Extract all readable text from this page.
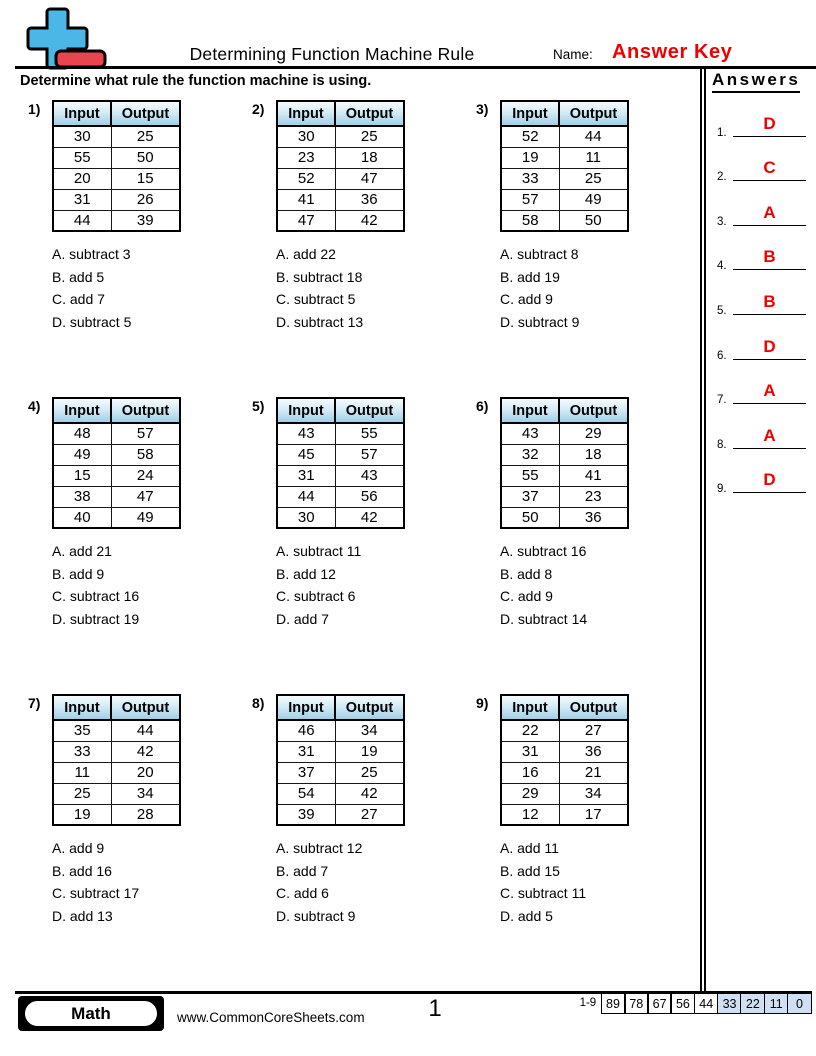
Determining Function Machine Rule	Name: Answer Key
Determine what rule the function machine is using.	Answers
1.	D
2.	C
3.	A
4.	B
5.	B
6.	D
7.	A
8.	A
9.	D
1)	Input	Output
30	25
55	50
20	15
31	26
44	39
A. subtract 3
B. add 5
C. add 7
D. subtract 5
2)	Input	Output
30	25
23	18
52	47
41	36
47	42
A. add 22
B. subtract 18
C. subtract 5
D. subtract 13
3)	Input	Output
52	44
19	11
33	25
57	49
58	50
A. subtract 8
B. add 19
C. add 9
D. subtract 9
4)	Input	Output
48	57
49	58
15	24
38	47
40	49
A. add 21
B. add 9
C. subtract 16
D. subtract 19
5)	Input	Output
43	55
45	57
31	43
44	56
30	42
A. subtract 11
B. add 12
C. subtract 6
D. add 7
6)	Input	Output
43	29
32	18
55	41
37	23
50	36
A. subtract 16
B. add 8
C. add 9
D. subtract 14
7)	Input	Output
35	44
33	42
11	20
25	34
19	28
A. add 9
B. add 16
C. subtract 17
D. add 13
8)	Input	Output
46	34
31	19
37	25
54	42
39	27
A. subtract 12
B. add 7
C. add 6
D. subtract 9
9)	Input	Output
22	27
31	36
16	21
29	34
12	17
A. add 11
B. add 15
C. subtract 11
D. add 5
Math	www.CommonCoreSheets.com	1	1-9 89 78 67 56 44 33 22 11	0
